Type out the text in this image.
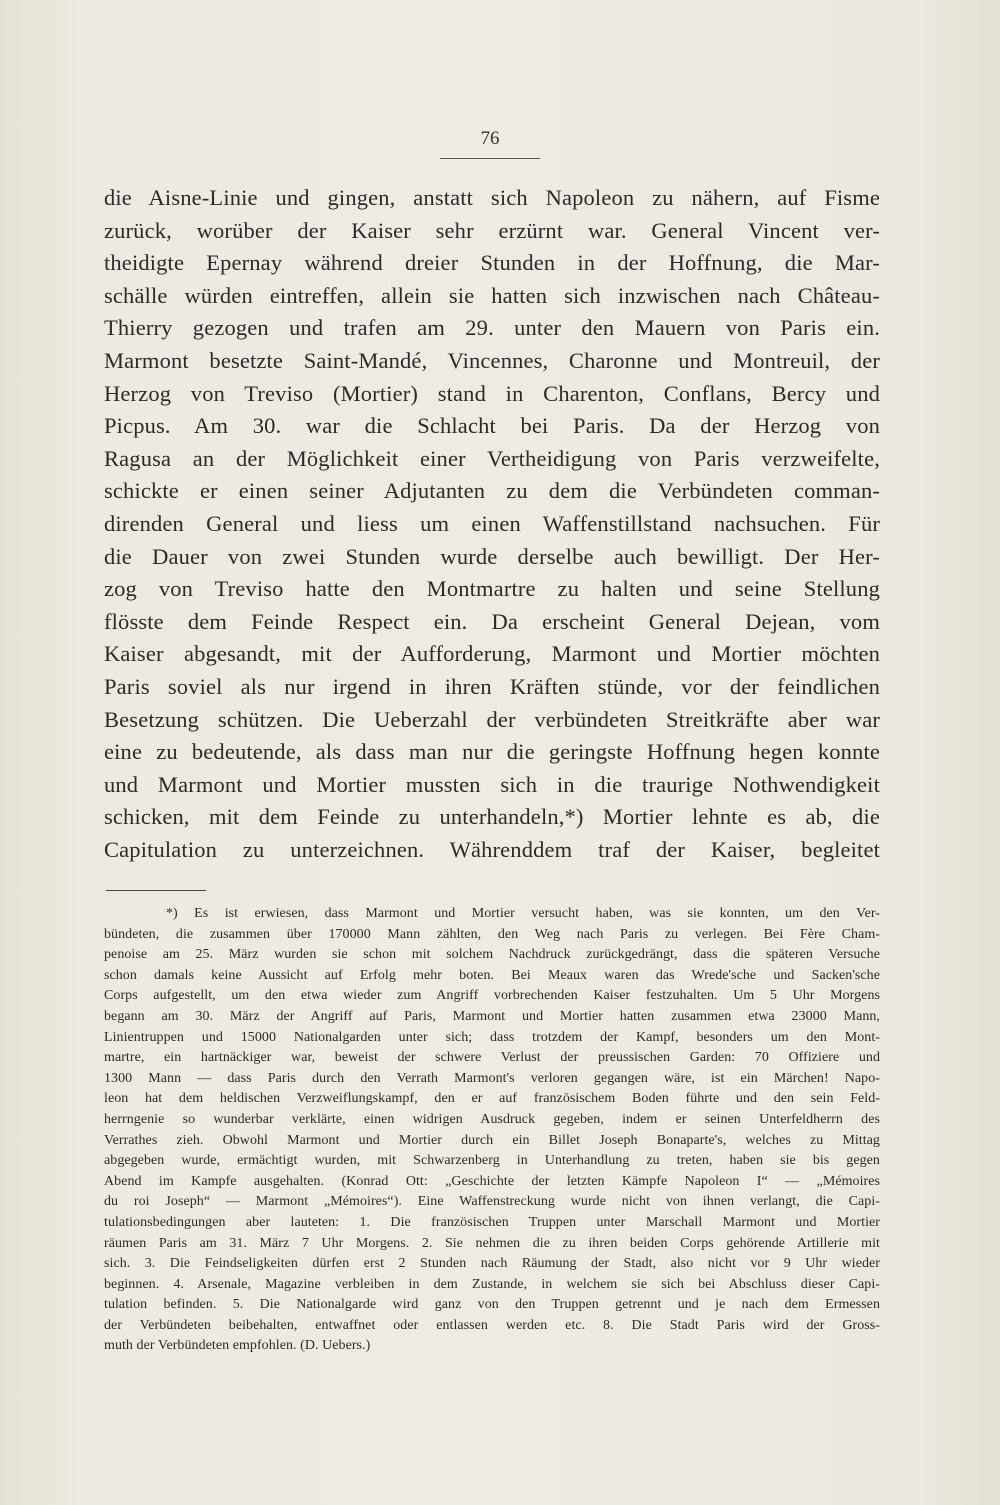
76
die Aisne-Linie und gingen, anstatt sich Napoleon zu nähern, auf Fisme
zurück, worüber der Kaiser sehr erzürnt war. General Vincent ver-
theidigte Epernay während dreier Stunden in der Hoffnung, die Mar-
schälle würden eintreffen, allein sie hatten sich inzwischen nach Château-
Thierry gezogen und trafen am 29. unter den Mauern von Paris ein.
Marmont besetzte Saint-Mandé, Vincennes, Charonne und Montreuil, der
Herzog von Treviso (Mortier) stand in Charenton, Conflans, Bercy und
Picpus. Am 30. war die Schlacht bei Paris. Da der Herzog von
Ragusa an der Möglichkeit einer Vertheidigung von Paris verzweifelte,
schickte er einen seiner Adjutanten zu dem die Verbündeten comman-
direnden General und liess um einen Waffenstillstand nachsuchen. Für
die Dauer von zwei Stunden wurde derselbe auch bewilligt. Der Her-
zog von Treviso hatte den Montmartre zu halten und seine Stellung
flösste dem Feinde Respect ein. Da erscheint General Dejean, vom
Kaiser abgesandt, mit der Aufforderung, Marmont und Mortier möchten
Paris soviel als nur irgend in ihren Kräften stünde, vor der feindlichen
Besetzung schützen. Die Ueberzahl der verbündeten Streitkräfte aber war
eine zu bedeutende, als dass man nur die geringste Hoffnung hegen konnte
und Marmont und Mortier mussten sich in die traurige Nothwendigkeit
schicken, mit dem Feinde zu unterhandeln,*) Mortier lehnte es ab, die
Capitulation zu unterzeichnen. Währenddem traf der Kaiser, begleitet
*) Es ist erwiesen, dass Marmont und Mortier versucht haben, was sie konnten, um den Ver-
bündeten, die zusammen über 170000 Mann zählten, den Weg nach Paris zu verlegen. Bei Fère Cham-
penoise am 25. März wurden sie schon mit solchem Nachdruck zurückgedrängt, dass die späteren Versuche
schon damals keine Aussicht auf Erfolg mehr boten. Bei Meaux waren das Wrede'sche und Sacken'sche
Corps aufgestellt, um den etwa wieder zum Angriff vorbrechenden Kaiser festzuhalten. Um 5 Uhr Morgens
begann am 30. März der Angriff auf Paris, Marmont und Mortier hatten zusammen etwa 23000 Mann,
Linientruppen und 15000 Nationalgarden unter sich; dass trotzdem der Kampf, besonders um den Mont-
martre, ein hartnäckiger war, beweist der schwere Verlust der preussischen Garden: 70 Offiziere und
1300 Mann — dass Paris durch den Verrath Marmont's verloren gegangen wäre, ist ein Märchen! Napo-
leon hat dem heldischen Verzweiflungskampf, den er auf französischem Boden führte und den sein Feld-
herrngenie so wunderbar verklärte, einen widrigen Ausdruck gegeben, indem er seinen Unterfeldherrn des
Verrathes zieh. Obwohl Marmont und Mortier durch ein Billet Joseph Bonaparte's, welches zu Mittag
abgegeben wurde, ermächtigt wurden, mit Schwarzenberg in Unterhandlung zu treten, haben sie bis gegen
Abend im Kampfe ausgehalten. (Konrad Ott: „Geschichte der letzten Kämpfe Napoleon I“ — „Mémoires
du roi Joseph“ — Marmont „Mémoires“). Eine Waffenstreckung wurde nicht von ihnen verlangt, die Capi-
tulationsbedingungen aber lauteten: 1. Die französischen Truppen unter Marschall Marmont und Mortier
räumen Paris am 31. März 7 Uhr Morgens. 2. Sie nehmen die zu ihren beiden Corps gehörende Artillerie mit
sich. 3. Die Feindseligkeiten dürfen erst 2 Stunden nach Räumung der Stadt, also nicht vor 9 Uhr wieder
beginnen. 4. Arsenale, Magazine verbleiben in dem Zustande, in welchem sie sich bei Abschluss dieser Capi-
tulation befinden. 5. Die Nationalgarde wird ganz von den Truppen getrennt und je nach dem Ermessen
der Verbündeten beibehalten, entwaffnet oder entlassen werden etc. 8. Die Stadt Paris wird der Gross-
muth der Verbündeten empfohlen. (D. Uebers.)
